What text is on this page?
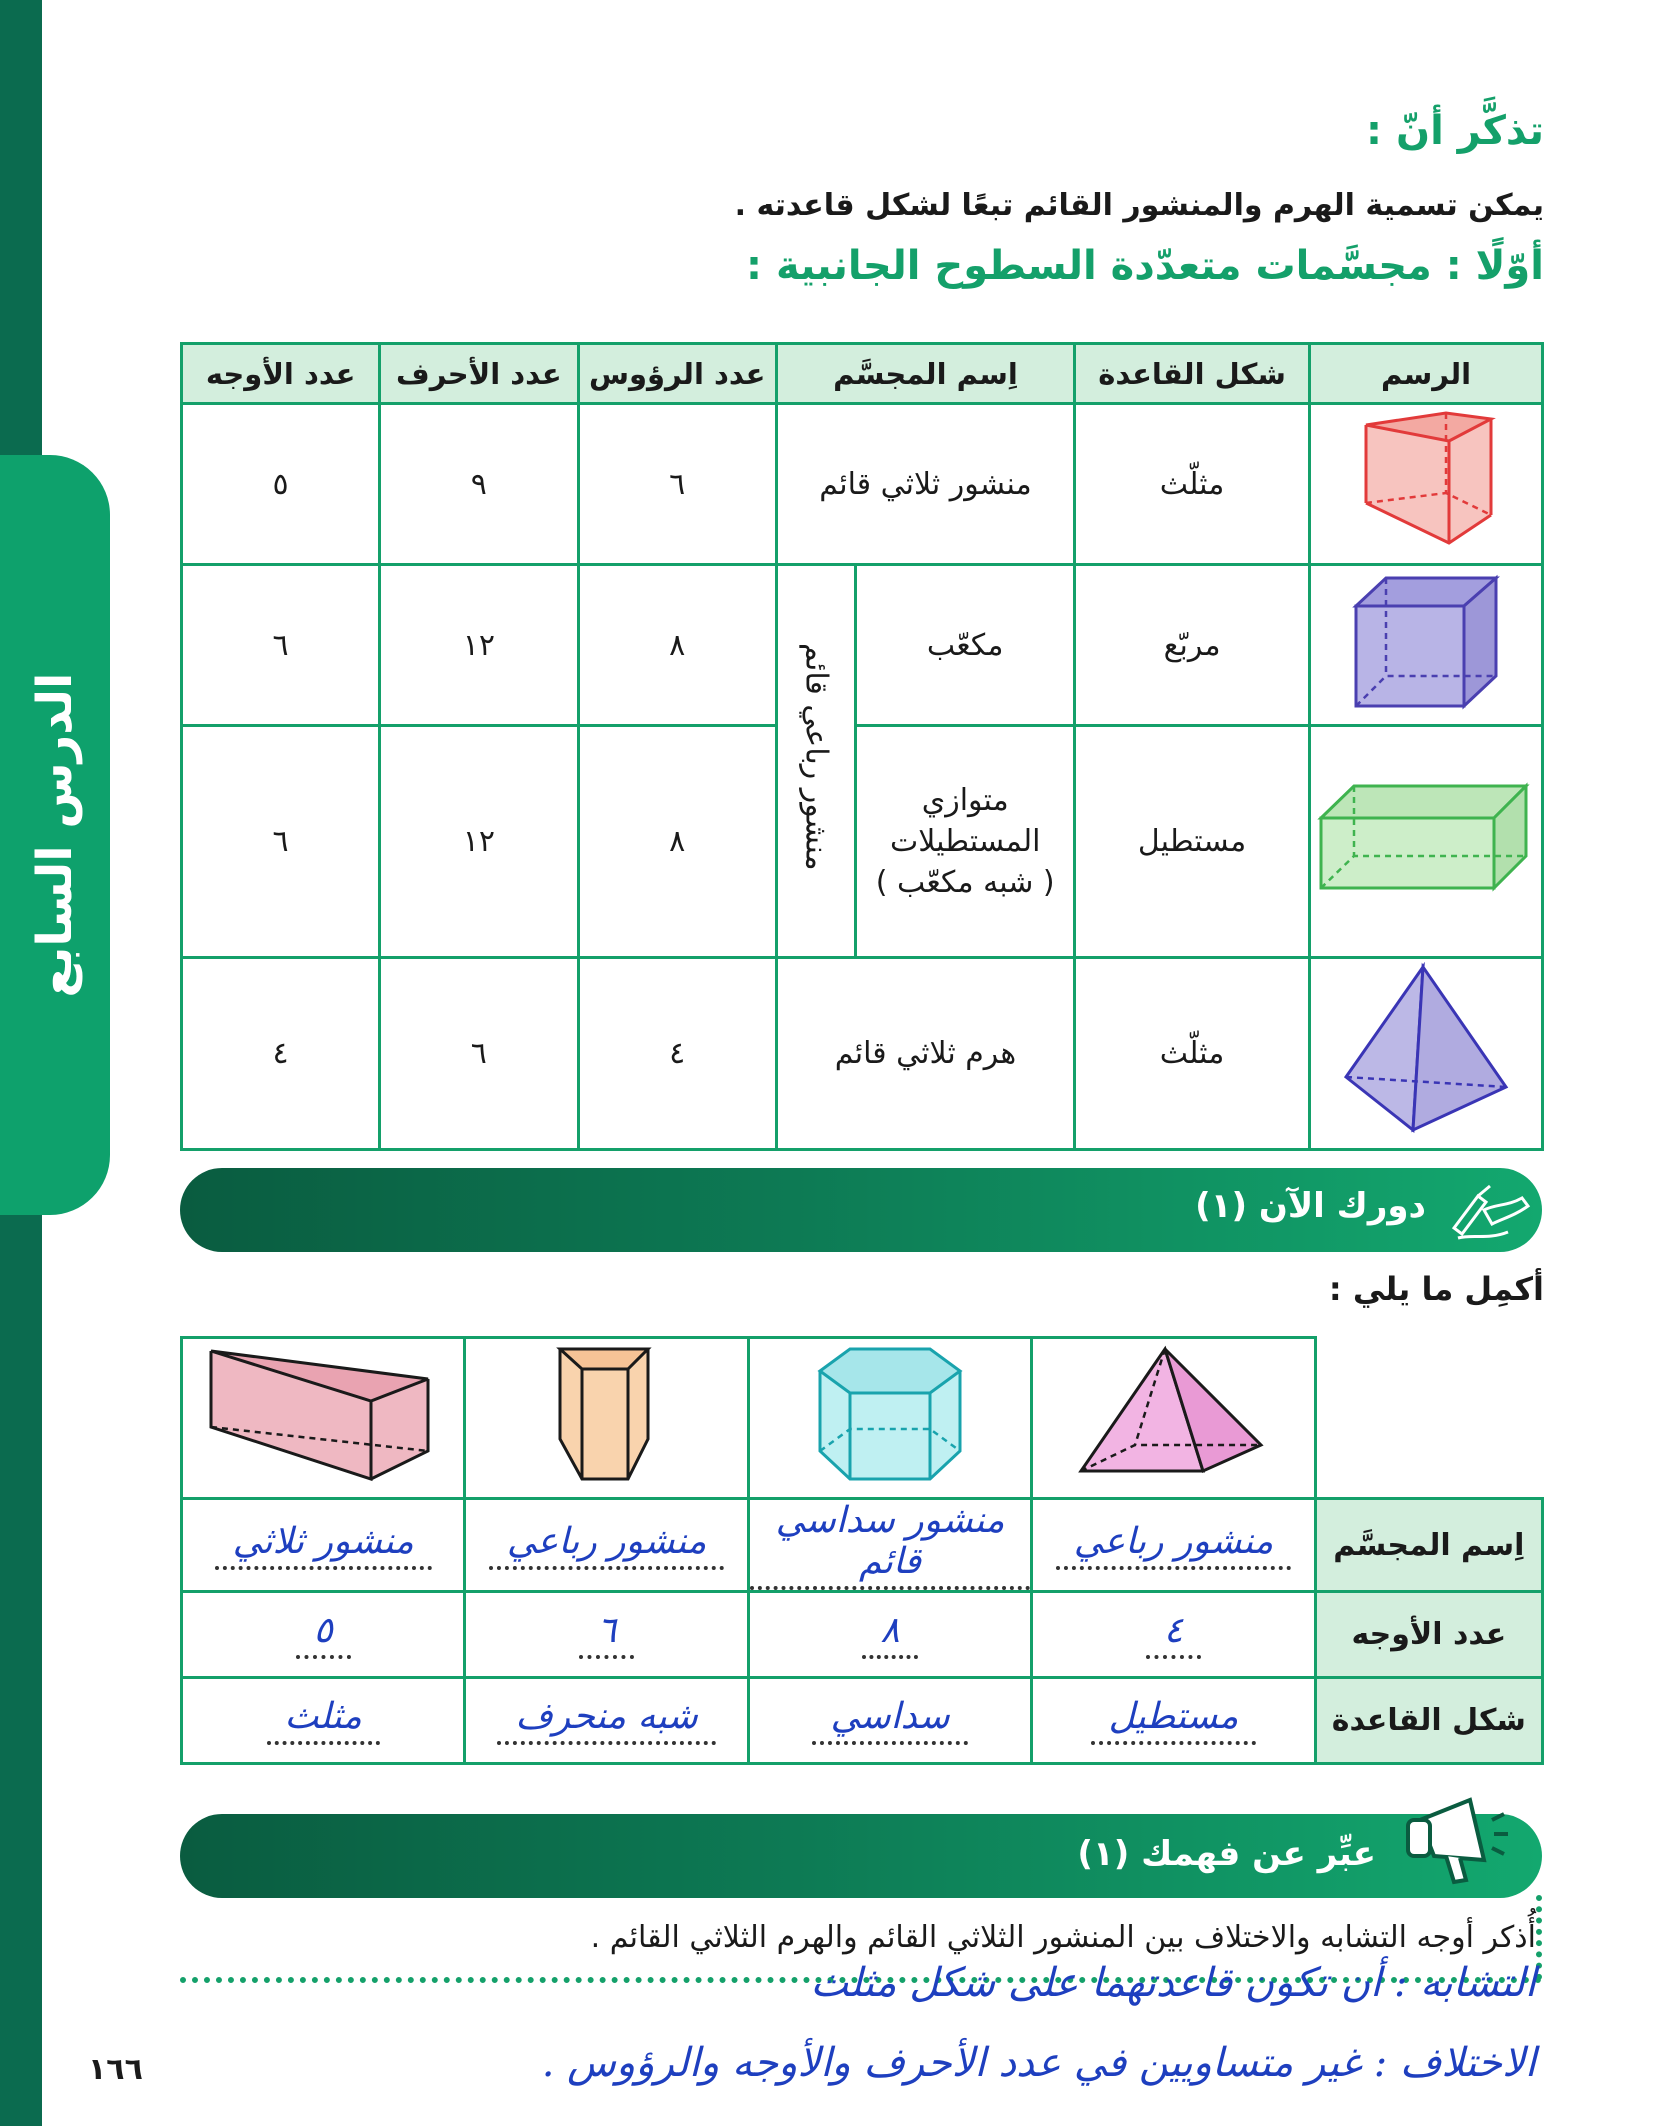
الدرس السابع
تذكَّر أنّ :
يمكن تسمية الهرم والمنشور القائم تبعًا لشكل قاعدته .
أوّلًا : مجسَّمات متعدّدة السطوح الجانبية :
الرسم	شكل القاعدة	اِسم المجسَّم		عدد الرؤوس	عدد الأحرف	عدد الأوجه
	مثلّث	منشور ثلاثي قائم		٦	٩	٥
	مربّع	مكعّب	منشور رباعي قائم	٨	١٢	٦
	مستطيل	متوازي
المستطيلات
( شبه مكعّب )		٨	١٢	٦
	مثلّث	هرم ثلاثي قائم		٤	٦	٤
دورك الآن (١)
أكمِل ما يلي :

اِسم المجسَّم	منشور رباعي	منشور سداسي قائم	منشور رباعي	منشور ثلاثي
عدد الأوجه	٤	٨	٦	٥
شكل القاعدة	مستطيل	سداسي	شبه منحرف	مثلث
عبِّر عن فهمك (١)
أُذكر أوجه التشابه والاختلاف بين المنشور الثلاثي القائم والهرم الثلاثي القائم .
التشابه : أن تكون قاعدتهما على شكل مثلث
الاختلاف : غير متساويين في عدد الأحرف والأوجه والرؤوس .
١٦٦
